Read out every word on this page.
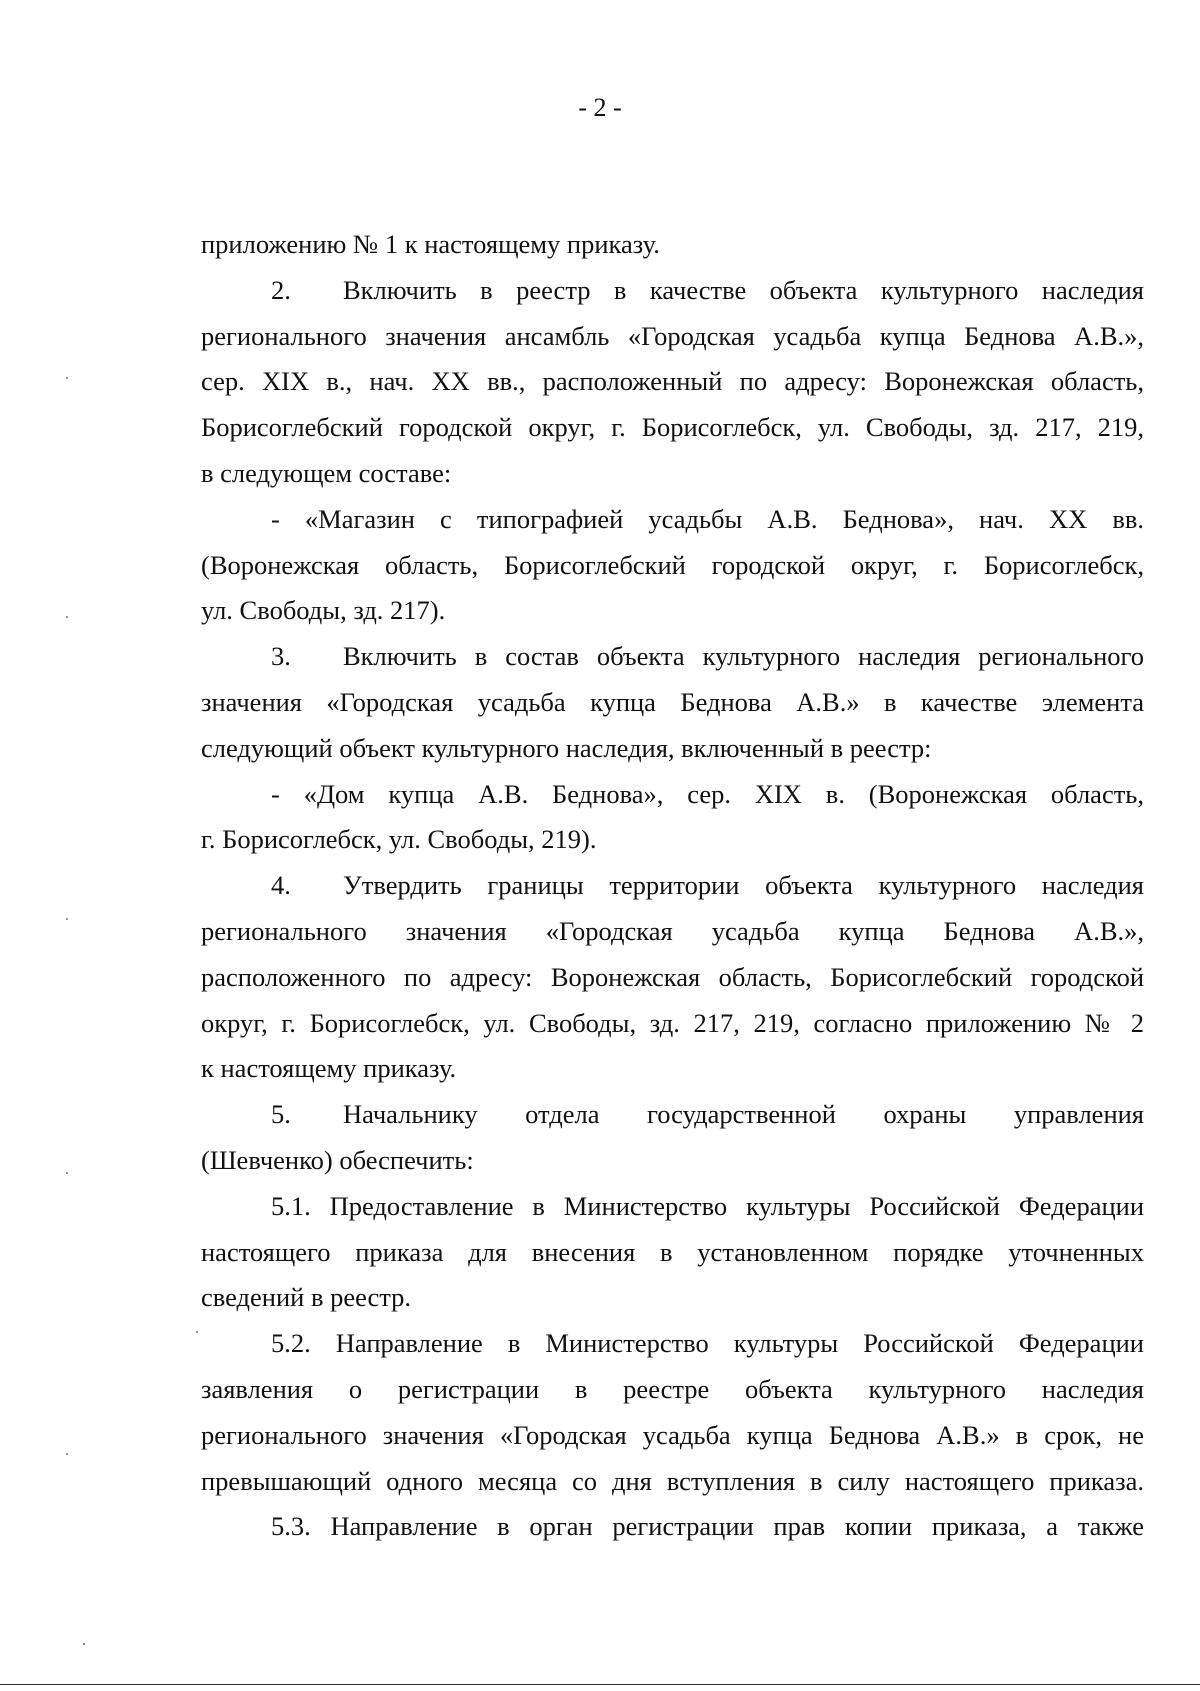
- 2 -
приложению № 1 к настоящему приказу.
2.	Включить в реестр в качестве объекта культурного наследия
регионального значения ансамбль «Городская усадьба купца Беднова А.В.»,
сер. XIX в., нач. XX вв., расположенный по адресу: Воронежская область,
Борисоглебский городской округ, г. Борисоглебск, ул. Свободы, зд. 217, 219,
в следующем составе:
- «Магазин с типографией усадьбы А.В. Беднова», нач. XX вв.
(Воронежская область, Борисоглебский городской округ, г. Борисоглебск,
ул. Свободы, зд. 217).
3.	Включить в состав объекта культурного наследия регионального
значения «Городская усадьба купца Беднова А.В.» в качестве элемента
следующий объект культурного наследия, включенный в реестр:
- «Дом купца А.В. Беднова», сер. XIX в. (Воронежская область,
г. Борисоглебск, ул. Свободы, 219).
4.	Утвердить границы территории объекта культурного наследия
регионального значения «Городская усадьба купца Беднова А.В.»,
расположенного по адресу: Воронежская область, Борисоглебский городской
округ, г. Борисоглебск, ул. Свободы, зд. 217, 219, согласно приложению № 2
к настоящему приказу.
5.	Начальнику отдела государственной охраны управления
(Шевченко) обеспечить:
5.1. Предоставление в Министерство культуры Российской Федерации
настоящего приказа для внесения в установленном порядке уточненных
сведений в реестр.
5.2. Направление в Министерство культуры Российской Федерации
заявления о регистрации в реестре объекта культурного наследия
регионального значения «Городская усадьба купца Беднова А.В.» в срок, не
превышающий одного месяца со дня вступления в силу настоящего приказа.
5.3. Направление в орган регистрации прав копии приказа, а также
